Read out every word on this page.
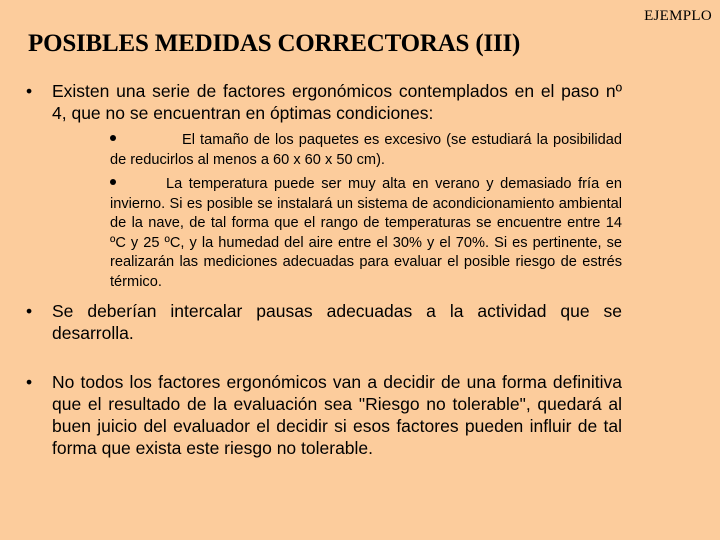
EJEMPLO
POSIBLES MEDIDAS CORRECTORAS (III)
• Existen una serie de factores ergonómicos contemplados en el paso nº 4, que no se encuentran en óptimas condiciones:
El tamaño de los paquetes es excesivo (se estudiará la posibilidad de reducirlos al menos a 60 x 60 x 50 cm).
La temperatura puede ser muy alta en verano y demasiado fría en invierno. Si es posible se instalará un sistema de acondicionamiento ambiental de la nave, de tal forma que el rango de temperaturas se encuentre entre 14 ºC y 25 ºC, y la humedad del aire entre el 30% y el 70%. Si es pertinente, se realizarán las mediciones adecuadas para evaluar el posible riesgo de estrés térmico.
• Se deberían intercalar pausas adecuadas a la actividad que se desarrolla.
• No todos los factores ergonómicos van a decidir de una forma definitiva que el resultado de la evaluación sea "Riesgo no tolerable", quedará al buen juicio del evaluador el decidir si esos factores pueden influir de tal forma que exista este riesgo no tolerable.
